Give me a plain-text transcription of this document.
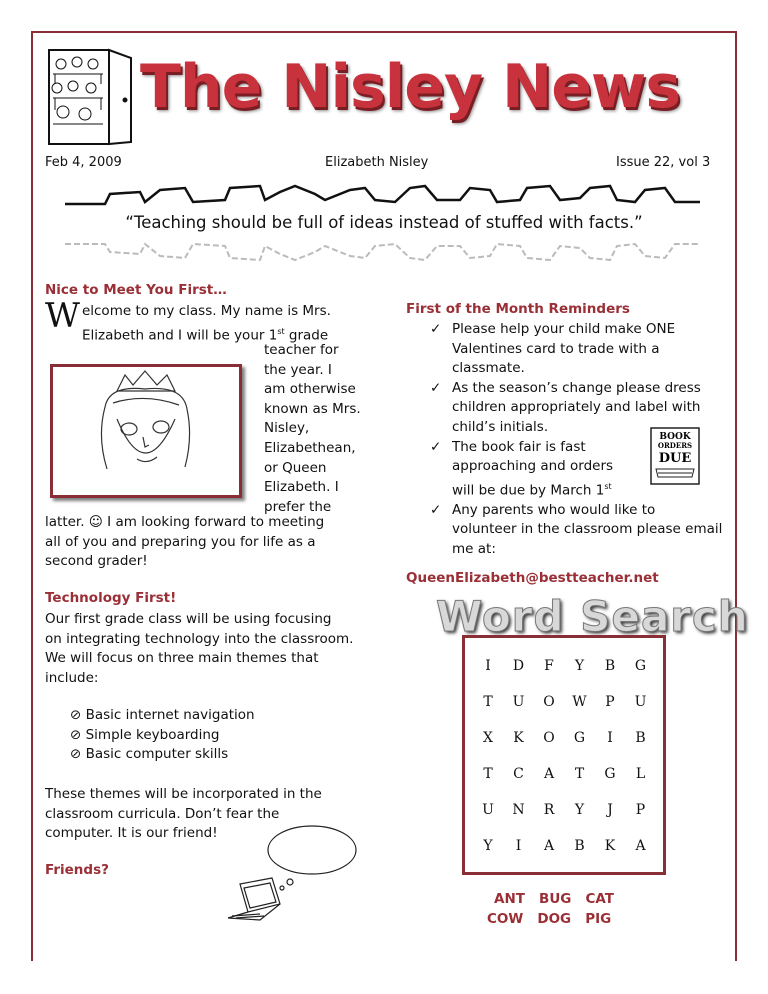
The Nisley News
Feb 4, 2009	Elizabeth Nisley	Issue 22, vol 3
“Teaching should be full of ideas instead of stuffed with facts.”
Nice to Meet You First…
W elcome to my class. My name is Mrs.
Elizabeth and I will be your 1st grade
teacher for
the year. I
am otherwise
known as Mrs.
Nisley,
Elizabethean,
or Queen
Elizabeth. I
prefer the
latter. ☺ I am looking forward to meeting
all of you and preparing you for life as a
second grader!
Technology First!
Our first grade class will be using focusing
on integrating technology into the classroom.
We will focus on three main themes that
include:
⊘ Basic internet navigation
⊘ Simple keyboarding
⊘ Basic computer skills
These themes will be incorporated in the
classroom curricula. Don’t fear the
computer. It is our friend!
Friends?
First of the Month Reminders
✓ Please help your child make ONE
Valentines card to trade with a
classmate.
✓ As the season’s change please dress
children appropriately and label with
child’s initials.
✓ The book fair is fast
approaching and orders
will be due by March 1st
✓ Any parents who would like to
volunteer in the classroom please email
me at:
BOOK
ORDERS
DUE
QueenElizabeth@bestteacher.net
Word Search
I	D	F	Y	B	G
T	U	O	W	P	U
X	K	O	G	I	B
T	C	A	T	G	L
U	N	R	Y	J	P
Y	I	A	B	K	A
ANT   BUG   CAT
COW   DOG   PIG
